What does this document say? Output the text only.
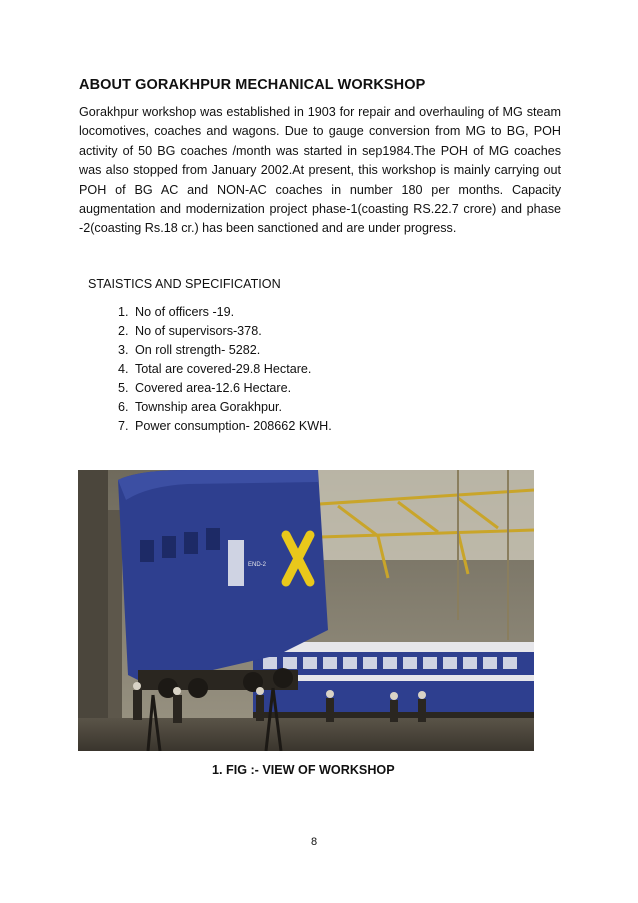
ABOUT GORAKHPUR MECHANICAL WORKSHOP

Gorakhpur workshop was established in 1903 for repair and overhauling of MG steam locomotives, coaches and wagons. Due to gauge conversion from MG to BG, POH activity of 50 BG coaches /month was started in sep1984.The POH of MG coaches was also stopped from January 2002.At present, this workshop is mainly carrying out POH of BG AC and NON-AC coaches in number 180 per months. Capacity augmentation and modernization project phase-1(coasting RS.22.7 crore) and phase -2(coasting Rs.18 cr.) has been sanctioned and are under progress.

STAISTICS AND SPECIFICATION
1. No of officers -19.
2. No of supervisors-378.
3. On roll strength- 5282.
4. Total are covered-29.8 Hectare.
5. Covered area-12.6 Hectare.
6. Township area Gorakhpur.
7. Power consumption- 208662 KWH.
END-2
1. FIG :- VIEW OF WORKSHOP
8
